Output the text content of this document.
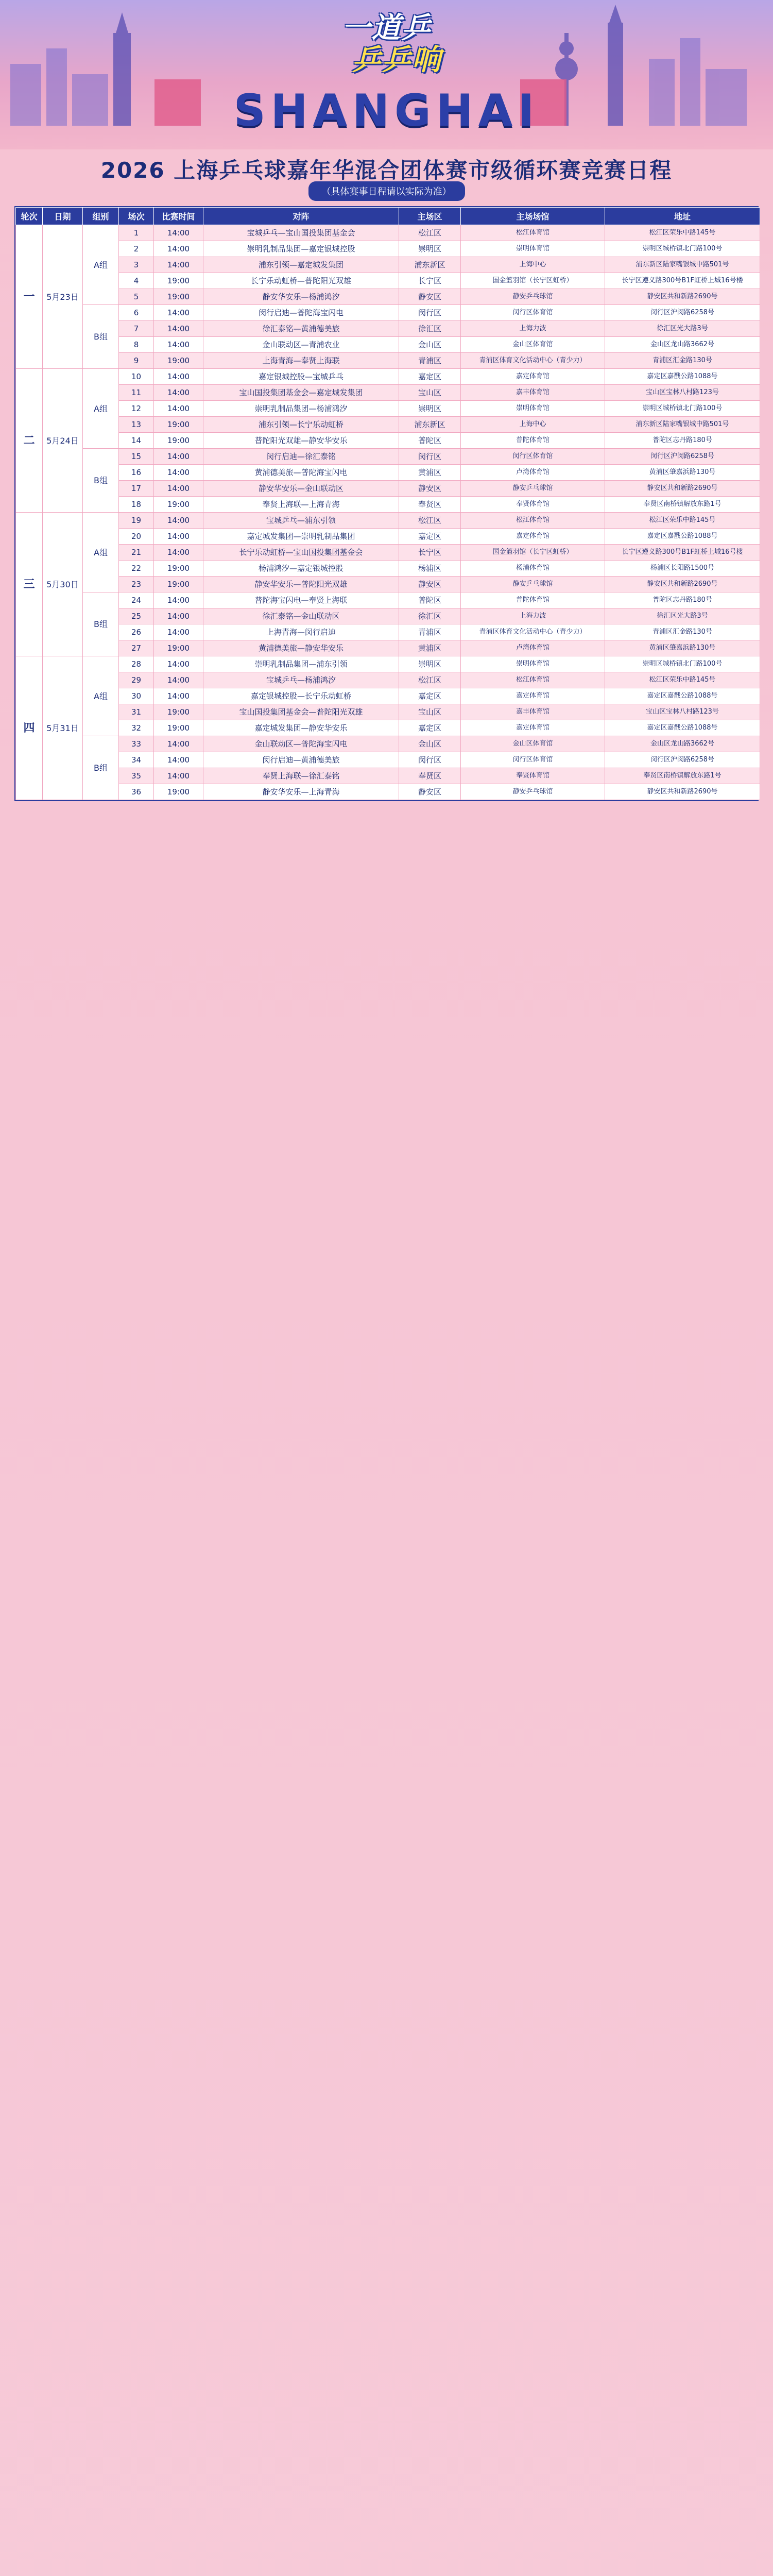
一道乒
乒乒响
SHANGHAI
2026 上海乒乓球嘉年华混合团体赛市级循环赛竞赛日程
（具体赛事日程请以实际为准）
轮次	日期	组别	场次	比赛时间	对阵	主场区	主场场馆	地址
一	5月23日	A组	1	14:00	宝城乒乓—宝山国投集团基金会	松江区	松江体育馆	松江区荣乐中路145号
			2	14:00	崇明乳制品集团—嘉定银城控股	崇明区	崇明体育馆	崇明区城桥镇北门路100号
			3	14:00	浦东引领—嘉定城发集团	浦东新区	上海中心	浦东新区陆家嘴银城中路501号
			4	19:00	长宁乐动虹桥—普陀阳光双雄	长宁区	国金篮羽馆（长宁区虹桥）	长宁区遵义路300号B1F虹桥上城16号楼
			5	19:00	静安华安乐—杨浦鸿汐	静安区	静安乒乓球馆	静安区共和新路2690号
		B组	6	14:00	闵行启迪—普陀海宝闪电	闵行区	闵行区体育馆	闵行区沪闵路6258号
			7	14:00	徐汇泰铭—黄浦德美旅	徐汇区	上海力波	徐汇区光大路3号
			8	14:00	金山联动区—青浦农业	金山区	金山区体育馆	金山区龙山路3662号
			9	19:00	上海青海—奉贤上海联	青浦区	青浦区体育文化活动中心（青少力）	青浦区汇金路130号
二	5月24日	A组	10	14:00	嘉定银城控股—宝城乒乓	嘉定区	嘉定体育馆	嘉定区嘉戬公路1088号
			11	14:00	宝山国投集团基金会—嘉定城发集团	宝山区	嘉丰体育馆	宝山区宝林八村路123号
			12	14:00	崇明乳制品集团—杨浦鸿汐	崇明区	崇明体育馆	崇明区城桥镇北门路100号
			13	19:00	浦东引领—长宁乐动虹桥	浦东新区	上海中心	浦东新区陆家嘴银城中路501号
			14	19:00	普陀阳光双雄—静安华安乐	普陀区	普陀体育馆	普陀区志丹路180号
		B组	15	14:00	闵行启迪—徐汇泰铭	闵行区	闵行区体育馆	闵行区沪闵路6258号
			16	14:00	黄浦德美旅—普陀海宝闪电	黄浦区	卢湾体育馆	黄浦区肇嘉浜路130号
			17	14:00	静安华安乐—金山联动区	静安区	静安乒乓球馆	静安区共和新路2690号
			18	19:00	奉贤上海联—上海青海	奉贤区	奉贤体育馆	奉贤区南桥镇解放东路1号
三	5月30日	A组	19	14:00	宝城乒乓—浦东引领	松江区	松江体育馆	松江区荣乐中路145号
			20	14:00	嘉定城发集团—崇明乳制品集团	嘉定区	嘉定体育馆	嘉定区嘉戬公路1088号
			21	14:00	长宁乐动虹桥—宝山国投集团基金会	长宁区	国金篮羽馆（长宁区虹桥）	长宁区遵义路300号B1F虹桥上城16号楼
			22	19:00	杨浦鸿汐—嘉定银城控股	杨浦区	杨浦体育馆	杨浦区长阳路1500号
			23	19:00	静安华安乐—普陀阳光双雄	静安区	静安乒乓球馆	静安区共和新路2690号
		B组	24	14:00	普陀海宝闪电—奉贤上海联	普陀区	普陀体育馆	普陀区志丹路180号
			25	14:00	徐汇泰铭—金山联动区	徐汇区	上海力波	徐汇区光大路3号
			26	14:00	上海青海—闵行启迪	青浦区	青浦区体育文化活动中心（青少力）	青浦区汇金路130号
			27	19:00	黄浦德美旅—静安华安乐	黄浦区	卢湾体育馆	黄浦区肇嘉浜路130号
四	5月31日	A组	28	14:00	崇明乳制品集团—浦东引领	崇明区	崇明体育馆	崇明区城桥镇北门路100号
			29	14:00	宝城乒乓—杨浦鸿汐	松江区	松江体育馆	松江区荣乐中路145号
			30	14:00	嘉定银城控股—长宁乐动虹桥	嘉定区	嘉定体育馆	嘉定区嘉戬公路1088号
			31	19:00	宝山国投集团基金会—普陀阳光双雄	宝山区	嘉丰体育馆	宝山区宝林八村路123号
			32	19:00	嘉定城发集团—静安华安乐	嘉定区	嘉定体育馆	嘉定区嘉戬公路1088号
		B组	33	14:00	金山联动区—普陀海宝闪电	金山区	金山区体育馆	金山区龙山路3662号
			34	14:00	闵行启迪—黄浦德美旅	闵行区	闵行区体育馆	闵行区沪闵路6258号
			35	14:00	奉贤上海联—徐汇泰铭	奉贤区	奉贤体育馆	奉贤区南桥镇解放东路1号
			36	19:00	静安华安乐—上海青海	静安区	静安乒乓球馆	静安区共和新路2690号
